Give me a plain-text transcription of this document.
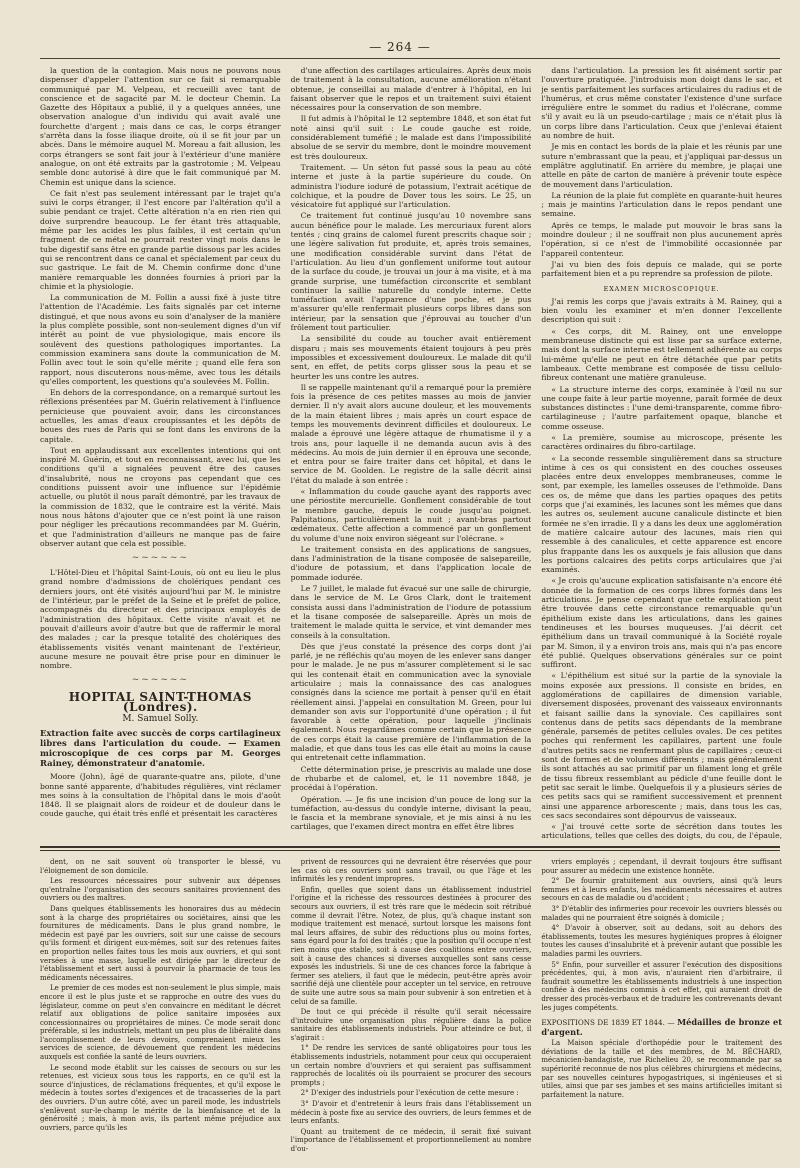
— 264 —

la question de la contagion. Mais nous ne pouvons nous dispenser d'appeler l'attention sur ce fait si remarquable communiqué par M. Velpeau, et recueilli avec tant de conscience et de sagacité par M. le docteur Chemin. La Gazette des Hôpitaux a publié, il y a quelques années, une observation analogue d'un individu qui avait avalé une fourchette d'argent ; mais dans ce cas, le corps étranger s'arrêta dans la fosse iliaque droite, où il se fit jour par un abcès. Dans le mémoire auquel M. Moreau a fait allusion, les corps étrangers se sont fait jour à l'extérieur d'une manière analogue, on ont été extraits par la gastrotomie ; M. Velpeau semble donc autorisé à dire que le fait communiqué par M. Chemin est unique dans la science.

Ce fait n'est pas seulement intéressant par le trajet qu'a suivi le corps étranger, il l'est encore par l'altération qu'il a subie pendant ce trajet. Cette altération n'a en rien rien qui doive surprendre beaucoup. Le fer étant très attaquable, même par les acides les plus faibles, il est certain qu'un fragment de ce métal ne pourrait rester vingt mois dans le tube digestif sans être en grande partie dissous par les acides qui se rencontrent dans ce canal et spécialement par ceux du suc gastrique. Le fait de M. Chemin confirme donc d'une manière remarquable les données fournies à priori par la chimie et la physiologie.

La communication de M. Follin a aussi fixé à juste titre l'attention de l'Académie. Les faits signalés par cet interne distingué, et que nous avons eu soin d'analyser de la manière la plus complète possible, sont non-seulement dignes d'un vif intérêt au point de vue physiologique, mais encore ils soulèvent des questions pathologiques importantes. La commission examinera sans doute la communication de M. Follin avec tout le soin qu'elle mérite ; quand elle fera son rapport, nous discuterons nous-même, avec tous les détails qu'elles comportent, les questions qu'a soulevées M. Follin.

En dehors de la correspondance, on a remarqué surtout les réflexions présentées par M. Guérin relativement à l'influence pernicieuse que pouvaient avoir, dans les circonstances actuelles, les amas d'eaux croupissantes et les dépôts de boues des rues de Paris qui se font dans les environs de la capitale.

Tout en applaudissant aux excellentes intentions qui ont inspiré M. Guérin, et tout en reconnaissant, avec lui, que les conditions qu'il a signalées peuvent être des causes d'insalubrité, nous ne croyons pas cependant que ces conditions puissent avoir une influence sur l'épidémie actuelle, ou plutôt il nous paraît démontré, par les travaux de la commission de 1832, que le contraire est la vérité. Mais nous nous hâtons d'ajouter que ce n'est point là une raison pour négliger les précautions recommandées par M. Guérin, et que l'administration d'ailleurs ne manque pas de faire observer autant que cela est possible.

~~~~~~

L'Hôtel-Dieu et l'hôpital Saint-Louis, où ont eu lieu le plus grand nombre d'admissions de cholériques pendant ces derniers jours, ont été visités aujourd'hui par M. le ministre de l'intérieur, par le préfet de la Seine et le préfet de police, accompagnés du directeur et des principaux employés de l'administration des hôpitaux. Cette visite n'avait et ne pouvait d'ailleurs avoir d'autre but que de raffermir le moral des malades ; car la presque totalité des cholériques des établissements visités venant maintenant de l'extérieur, aucune mesure ne pouvait être prise pour en diminuer le nombre.

~~~~~~

HOPITAL SAINT-THOMAS (Londres).

M. Samuel Solly.

Extraction faite avec succès de corps cartilagineux libres dans l'articulation du coude. — Examen microscopique de ces corps par M. Georges Rainey, démonstrateur d'anatomie.

Moore (John), âgé de quarante-quatre ans, pilote, d'une bonne santé apparente, d'habitudes régulières, vint réclamer mes soins à la consultation de l'hôpital dans le mois d'août 1848. Il se plaignait alors de roideur et de douleur dans le coude gauche, qui était très enflé et présentait les caractères

d'une affection des cartilages articulaires. Après deux mois de traitement à la consultation, aucune amélioration n'étant obtenue, je conseillai au malade d'entrer à l'hôpital, en lui faisant observer que le repos et un traitement suivi étaient nécessaires pour la conservation de son membre.

Il fut admis à l'hôpital le 12 septembre 1848, et son état fut noté ainsi qu'il suit : Le coude gauche est roide, considérablement tuméfié ; le malade est dans l'impossibilité absolue de se servir du membre, dont le moindre mouvement est très douloureux.

Traitement. — Un séton fut passé sous la peau au côté interne et juste à la partie supérieure du coude. On administra l'iodure ioduré de potassium, l'extrait acétique de colchique, et la poudre de Dover tous les soirs. Le 25, un vésicatoire fut appliqué sur l'articulation.

Ce traitement fut continué jusqu'au 10 novembre sans aucun bénéfice pour le malade. Les mercuriaux furent alors tentés ; cinq grains de calomel furent prescrits chaque soir ; une légère salivation fut produite, et, après trois semaines, une modification considérable survint dans l'état de l'articulation. Au lieu d'un gonflement uniforme tout autour de la surface du coude, je trouvai un jour à ma visite, et à ma grande surprise, une tuméfaction circonscrite et semblant continuer la saillie naturelle du condyle interne. Cette tuméfaction avait l'apparence d'une poche, et je pus m'assurer qu'elle renfermait plusieurs corps libres dans son intérieur, par la sensation que j'éprouvai au toucher d'un frôlement tout particulier.

La sensibilité du coude au toucher avait entièrement disparu ; mais ses mouvements étaient toujours à peu près impossibles et excessivement douloureux. Le malade dit qu'il sent, en effet, de petits corps glisser sous la peau et se heurter les uns contre les autres.

Il se rappelle maintenant qu'il a remarqué pour la première fois la présence de ces petites masses au mois de janvier dernier. Il n'y avait alors aucune douleur, et les mouvements de la main étaient libres ; mais après un court espace de temps les mouvements devinrent difficiles et douloureux. Le malade a éprouvé une légère attaque de rhumatisme il y a trois ans, pour laquelle il ne demanda aucun avis à des médecins. Au mois de juin dernier il en éprouva une seconde, et entra pour se faire traiter dans cet hôpital, et dans le service de M. Goolden. Le registre de la salle décrit ainsi l'état du malade à son entrée :

« Inflammation du coude gauche ayant des rapports avec une périostite mercurielle. Gonflement considérable de tout le membre gauche, depuis le coude jusqu'au poignet. Palpitations, particulièrement la nuit ; avant-bras partout œdémateux. Cette affection a commencé par un gonflement du volume d'une noix environ siégeant sur l'olécrane. »

Le traitement consista en des applications de sangsues, dans l'administration de la tisane composée de salsepareille, d'iodure de potassium, et dans l'application locale de pommade iodurée.

Le 7 juillet, le malade fut évacué sur une salle de chirurgie, dans le service de M. Le Gros Clark, dont le traitement consista aussi dans l'administration de l'iodure de potassium et la tisane composée de salsepareille. Après un mois de traitement le malade quitta le service, et vint demander mes conseils à la consultation.

Dès que j'eus constaté la présence des corps dont j'ai parlé, je ne réfléchis qu'au moyen de les enlever sans danger pour le malade. Je ne pus m'assurer complètement si le sac qui les contenait était en communication avec la synoviale articulaire ; mais la connaissance des cas analogues consignés dans la science me portait à penser qu'il en était réellement ainsi. J'appelai en consultation M. Green, pour lui demander son avis sur l'opportunité d'une opération ; il fut favorable à cette opération, pour laquelle j'inclinais également. Nous regardâmes comme certain que la présence de ces corps était la cause première de l'inflammation de la maladie, et que dans tous les cas elle était au moins la cause qui entretenait cette inflammation.

Cette détermination prise, je prescrivis au malade une dose de rhubarbe et de calomel, et, le 11 novembre 1848, je procédai à l'opération.

Opération. — Je fis une incision d'un pouce de long sur la tuméfaction, au-dessus du condyle interne, divisant la peau, le fascia et la membrane synoviale, et je mis ainsi à nu les cartilages, que l'examen direct montra en effet être libres

dans l'articulation. La pression les fit aisément sortir par l'ouverture pratiquée. J'introduisis mon doigt dans le sac, et je sentis parfaitement les surfaces articulaires du radius et de l'humérus, et crus même constater l'existence d'une surface irrégulière entre le sommet du radius et l'olécrane, comme s'il y avait eu là un pseudo-cartilage ; mais ce n'était plus là un corps libre dans l'articulation. Ceux que j'enlevai étaient au nombre de huit.

Je mis en contact les bords de la plaie et les réunis par une suture n'embrassant que la peau, et j'appliquai par-dessus un emplâtre agglutinatif. En arrière du membre, je plaçai une attelle en pâte de carton de manière à prévenir toute espèce de mouvement dans l'articulation.

La réunion de la plaie fut complète en quarante-huit heures ; mais je maintins l'articulation dans le repos pendant une semaine.

Après ce temps, le malade put mouvoir le bras sans la moindre douleur ; il ne souffrait non plus aucunement après l'opération, si ce n'est de l'immobilité occasionnée par l'appareil contenteur.

J'ai vu bien des fois depuis ce malade, qui se porte parfaitement bien et a pu reprendre sa profession de pilote.

EXAMEN MICROSCOPIQUE.

J'ai remis les corps que j'avais extraits à M. Rainey, qui a bien voulu les examiner et m'en donner l'excellente description qui suit :

« Ces corps, dit M. Rainey, ont une enveloppe membraneuse distincte qui est lisse par sa surface externe, mais dont la surface interne est tellement adhérente au corps lui-même qu'elle ne peut en être détachée que par petits lambeaux. Cette membrane est composée de tissu cellulo-fibreux contenant une matière granuleuse.

« La structure interne des corps, examinée à l'œil nu sur une coupe faite à leur partie moyenne, paraît formée de deux substances distinctes : l'une demi-transparente, comme fibro-cartilagineuse ; l'autre parfaitement opaque, blanche et comme osseuse.

« La première, soumise au microscope, présente les caractères ordinaires du fibro-cartilage.

« La seconde ressemble singulièrement dans sa structure intime à ces os qui consistent en des couches osseuses placées entre deux enveloppes membraneuses, comme le sont, par exemple, les lamelles osseuses de l'ethmoïde. Dans ces os, de même que dans les parties opaques des petits corps que j'ai examinés, les lacunes sont les mêmes que dans les autres os, seulement aucune canalicule distincte et bien formée ne s'en irradie. Il y a dans les deux une agglomération de matière calcaire autour des lacunes, mais rien qui ressemble à des canalicules, et cette apparence est encore plus frappante dans les os auxquels je fais allusion que dans les portions calcaires des petits corps articulaires que j'ai examinés.

« Je crois qu'aucune explication satisfaisante n'a encore été donnée de la formation de ces corps libres formés dans les articulations. Je pense cependant que cette explication peut être trouvée dans cette circonstance remarquable qu'un épithélium existe dans les articulations, dans les gaines tendineuses et les bourses muqueuses. J'ai décrit cet épithélium dans un travail communiqué à la Société royale par M. Simon, il y a environ trois ans, mais qui n'a pas encore été publié. Quelques observations générales sur ce point suffiront.

« L'épithélium est situé sur la partie de la synoviale la moins exposée aux pressions. Il consiste en brides, en agglomérations de capillaires de dimension variable, diversement disposées, provenant des vaisseaux environnants et faisant saillie dans la synoviale. Ces capillaires sont contenus dans de petits sacs dépendants de la membrane générale, parsemés de petites cellules ovales. De ces petites poches qui renferment les capillaires, partent une foule d'autres petits sacs ne renfermant plus de capillaires ; ceux-ci sont de formes et de volumes différents ; mais généralement ils sont attachés au sac primitif par un filament long et grêle de tissu fibreux ressemblant au pédicle d'une feuille dont le petit sac serait le limbe. Quelquefois il y a plusieurs séries de ces petits sacs qui se ramifient successivement et prennent ainsi une apparence arborescente ; mais, dans tous les cas, ces sacs secondaires sont dépourvus de vaisseaux.

« J'ai trouvé cette sorte de sécrétion dans toutes les articulations, telles que celles des doigts, du cou, de l'épaule,

dent, on ne sait souvent où transporter le blessé, vu l'éloignement de son domicile.

Les ressources nécessaires pour subvenir aux dépenses qu'entraîne l'organisation des secours sanitaires proviennent des ouvriers ou des maîtres.

Dans quelques établissements les honoraires dus au médecin sont à la charge des propriétaires ou sociétaires, ainsi que les fournitures de médicaments. Dans le plus grand nombre, le médecin est payé par les ouvriers, soit sur une caisse de secours qu'ils forment et dirigent eux-mêmes, soit sur des retenues faites en proportion nelles faites tous les mois aux ouvriers, et qui sont versées à une masse, laquelle est dirigée par le directeur de l'établissement et sert aussi à pourvoir la pharmacie de tous les médicaments nécessaires.

Le premier de ces modes est non-seulement le plus simple, mais encore il est le plus juste et se rapproche en outre des vues du législateur, comme on peut s'en convaincre en méditant le décret relatif aux obligations de police sanitaire imposées aux concessionnaires ou propriétaires de mines. Ce mode serait donc préférable, si les industriels, mettant un peu plus de libéralité dans l'accomplissement de leurs devoirs, comprenaient mieux les services de science, de dévouement que rendent les médecins auxquels est confiée la santé de leurs ouvriers.

Le second mode établit sur les caisses de secours ou sur les retenues, est vicieux sous tous les rapports, en ce qu'il est la source d'injustices, de réclamations fréquentes, et qu'il expose le médecin à toutes sortes d'exigences et de tracasseries de la part des ouvriers. D'un autre côté, avec un pareil mode, les industriels s'enlèvent sur-le-champ le mérite de la bienfaisance et de la générosité ; mais, à mon avis, ils partent même préjudice aux ouvriers, parce qu'ils les

privent de ressources qui ne devraient être réservées que pour les cas où ces ouvriers sont sans travail, ou que l'âge et les infirmités les y rendent impropres.

Enfin, quelles que soient dans un établissement industriel l'origine et la richesse des ressources destinées à procurer des secours aux ouvriers, il est très rare que le médecin soit rétribué comme il devrait l'être. Notez, de plus, qu'à chaque instant son modique traitement est menacé, surtout lorsque les maisons font mal leurs affaires, de subir des réductions plus ou moins fortes, sans égard pour la foi des traités ; que la position qu'il occupe n'est rien moins que stable, soit à cause des coalitions entre ouvriers, soit à cause des chances si diverses auxquelles sont sans cesse exposés les industriels. Si une de ces chances force la fabrique à fermer ses ateliers, il faut que le médecin, peut-être après avoir sacrifié déjà une clientèle pour accepter un tel service, en retrouve de suite une autre sous sa main pour subvenir à son entretien et à celui de sa famille.

De tout ce qui précède il résulte qu'il serait nécessaire d'introduire une organisation plus régulière dans la police sanitaire des établissements industriels. Pour atteindre ce but, il s'agirait :

1° De rendre les services de santé obligatoires pour tous les établissements industriels, notamment pour ceux qui occuperaient un certain nombre d'ouvriers et qui seraient pas suffisamment rapprochés de localités où ils pourraient se procurer des secours prompts ;

2° D'exiger des industriels pour l'exécution de cette mesure :

3° D'avoir et d'entretenir à leurs frais dans l'établissement un médecin à poste fixe au service des ouvriers, de leurs femmes et de leurs enfants.

Quant au traitement de ce médecin, il serait fixé suivant l'importance de l'établissement et proportionnellement au nombre d'ou-

vriers employés ; cependant, il devrait toujours être suffisant pour assurer au médecin une existence honnête.

2° De fournir gratuitement aux ouvriers, ainsi qu'à leurs femmes et à leurs enfants, les médicaments nécessaires et autres secours en cas de maladie ou d'accident ;

3° D'établir des infirmeries pour recevoir les ouvriers blessés ou malades qui ne pourraient être soignés à domicile ;

4° D'avoir à observer, soit au dedans, soit au dehors des établissements, toutes les mesures hygiéniques propres à éloigner toutes les causes d'insalubrité et à prévenir autant que possible les maladies parmi les ouvriers.

5° Enfin, pour surveiller et assurer l'exécution des dispositions précédentes, qui, à mon avis, n'auraient rien d'arbitraire, il faudrait soumettre les établissements industriels à une inspection confiée à des médecins commis à cet effet, qui auraient droit de dresser des procès-verbaux et de traduire les contrevenants devant les juges compétents.

EXPOSITIONS DE 1839 ET 1844. — Médailles de bronze et d'argent.

La Maison spéciale d'orthopédie pour le traitement des déviations de la taille et des membres, de M. BÉCHARD, mécanicien-bandagiste, rue Richelieu 20, se recommande par sa supériorité reconnue de nos plus célèbres chirurgiens et médecins, par ses nouvelles ceintures hypogastriques, si ingénieuses et si utiles, ainsi que par ses jambes et ses mains artificielles imitant si parfaitement la nature.
